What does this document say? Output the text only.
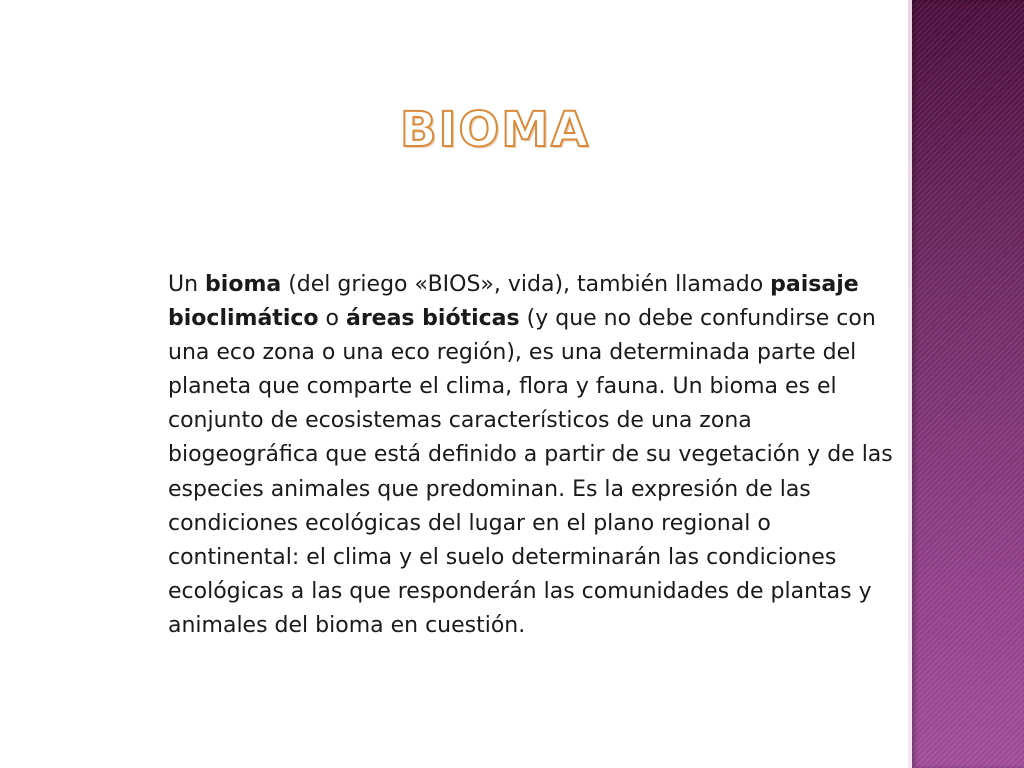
BIOMA
Un bioma (del griego «BIOS», vida), también llamado paisaje bioclimático o áreas bióticas (y que no debe confundirse con una eco zona o una eco región), es una determinada parte del planeta que comparte el clima, flora y fauna. Un bioma es el conjunto de ecosistemas característicos de una zona biogeográfica que está definido a partir de su vegetación y de las especies animales que predominan. Es la expresión de las condiciones ecológicas del lugar en el plano regional o continental: el clima y el suelo determinarán las condiciones ecológicas a las que responderán las comunidades de plantas y animales del bioma en cuestión.
